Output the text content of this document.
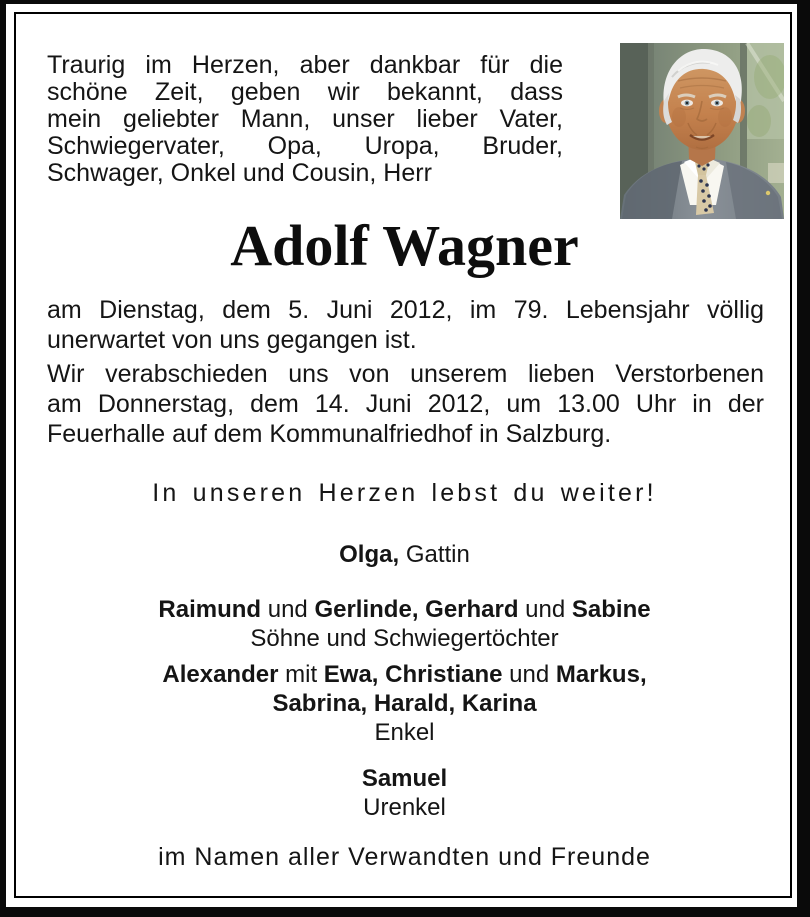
Traurig im Herzen, aber dankbar für die
schöne Zeit, geben wir bekannt, dass
mein geliebter Mann, unser lieber Vater,
Schwiegervater, Opa, Uropa, Bruder,
Schwager, Onkel und Cousin, Herr
Adolf Wagner
am Dienstag, dem 5. Juni 2012, im 79. Lebensjahr völlig
unerwartet von uns gegangen ist.
Wir verabschieden uns von unserem lieben Verstorbenen
am Donnerstag, dem 14. Juni 2012, um 13.00 Uhr in der
Feuerhalle auf dem Kommunalfriedhof in Salzburg.
In unseren Herzen lebst du weiter!
Olga, Gattin
Raimund und Gerlinde, Gerhard und Sabine
Söhne und Schwiegertöchter
Alexander mit Ewa, Christiane und Markus,
Sabrina, Harald, Karina
Enkel
Samuel
Urenkel
im Namen aller Verwandten und Freunde
